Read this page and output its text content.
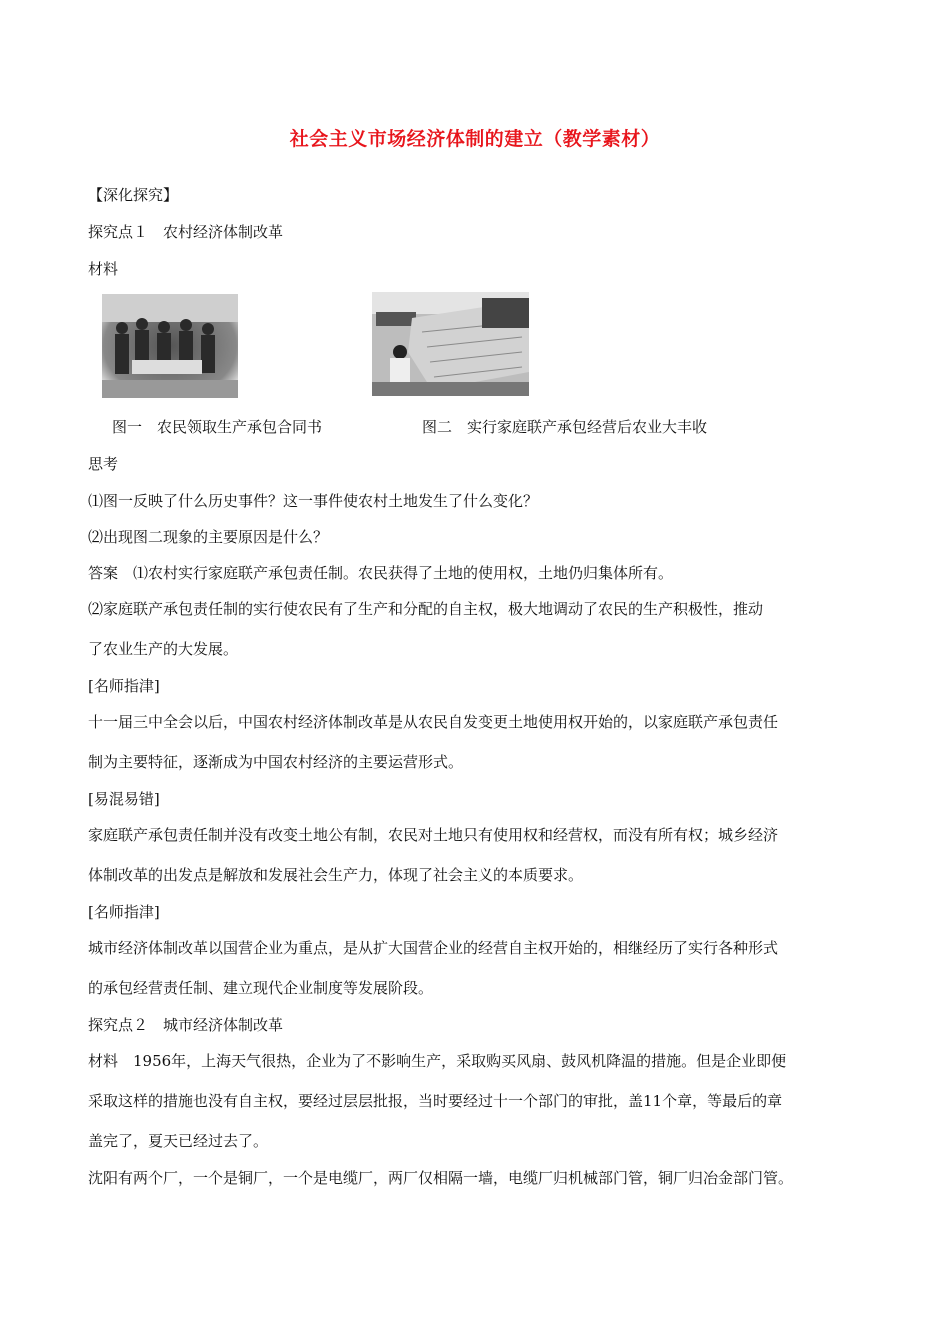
社会主义市场经济体制的建立（教学素材）
【深化探究】
探究点１　农村经济体制改革
材料
图一　农民领取生产承包合同书	图二　实行家庭联产承包经营后农业大丰收
思考
⑴图一反映了什么历史事件？这一事件使农村土地发生了什么变化？
⑵出现图二现象的主要原因是什么？
答案　⑴农村实行家庭联产承包责任制。农民获得了土地的使用权，土地仍归集体所有。
⑵家庭联产承包责任制的实行使农民有了生产和分配的自主权，极大地调动了农民的生产积极性，推动
了农业生产的大发展。
[名师指津]
十一届三中全会以后，中国农村经济体制改革是从农民自发变更土地使用权开始的，以家庭联产承包责任
制为主要特征，逐渐成为中国农村经济的主要运营形式。
[易混易错]
家庭联产承包责任制并没有改变土地公有制，农民对土地只有使用权和经营权，而没有所有权；城乡经济
体制改革的出发点是解放和发展社会生产力，体现了社会主义的本质要求。
[名师指津]
城市经济体制改革以国营企业为重点，是从扩大国营企业的经营自主权开始的，相继经历了实行各种形式
的承包经营责任制、建立现代企业制度等发展阶段。
探究点２　城市经济体制改革
材料　1956年，上海天气很热，企业为了不影响生产，采取购买风扇、鼓风机降温的措施。但是企业即便
采取这样的措施也没有自主权，要经过层层批报，当时要经过十一个部门的审批，盖11个章，等最后的章
盖完了，夏天已经过去了。
沈阳有两个厂，一个是铜厂，一个是电缆厂，两厂仅相隔一墙，电缆厂归机械部门管，铜厂归冶金部门管。
